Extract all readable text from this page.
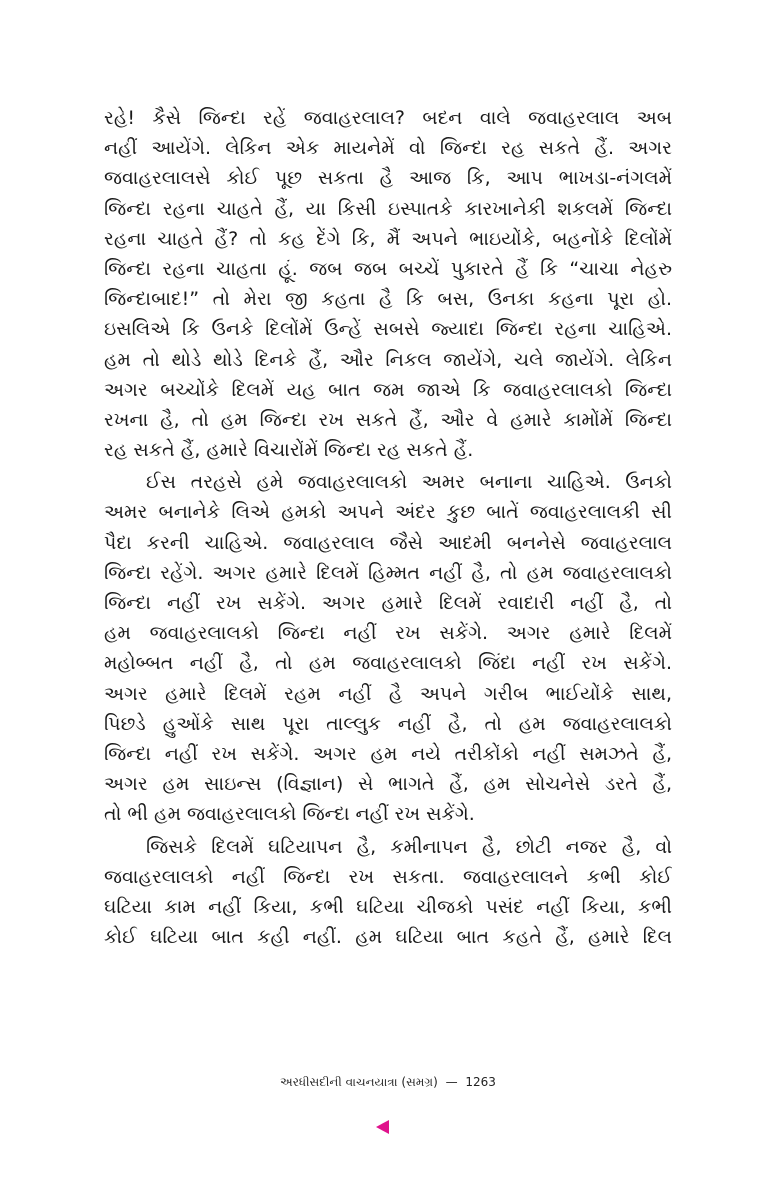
રહે! કૈસે જિન્દા રહેં જવાહરલાલ? બદન વાલે જવાહરલાલ અબ
નહીં આયેંગે. લેકિન એક માયનેમેં વો જિન્દા રહ સકતે હૈં. અગર
જવાહરલાલસે કોઈ પૂછ સકતા હૈ આજ કિ, આપ ભાખડા-નંગલમેં
જિન્દા રહના ચાહતે હૈં, યા કિસી ઇસ્પાતકે કારખાનેકી શકલમેં જિન્દા
રહના ચાહતે હૈં? તો કહ દેંગે કિ, મૈં અપને ભાઇયોંકે, બહનોંકે દિલોંમેં
જિન્દા રહના ચાહતા હૂં. જબ જબ બચ્ચેં પુકારતે હૈં કિ “ચાચા નેહરુ
જિન્દાબાદ!” તો મેરા જી કહતા હૈ કિ બસ, ઉનકા કહના પૂરા હો.
ઇસલિએ કિ ઉનકે દિલોંમેં ઉન્હેં સબસે જ્યાદા જિન્દા રહના ચાહિએ.
હમ તો થોડે થોડે દિનકે હૈં, ઔર નિકલ જાયેંગે, ચલે જાયેંગે. લેકિન
અગર બચ્ચોંકે દિલમેં યહ બાત જમ જાએ કિ જવાહરલાલકો જિન્દા
રખના હૈ, તો હમ જિન્દા રખ સકતે હૈં, ઔર વે હમારે કામોંમેં જિન્દા
રહ સકતે હૈં, હમારે વિચારોંમેં જિન્દા રહ સકતે હૈં.

ઈસ તરહસે હમે જવાહરલાલકો અમર બનાના ચાહિએ. ઉનકો
અમર બનાનેકે લિએ હમકો અપને અંદર કુછ બાતેં જવાહરલાલકી સી
પૈદા કરની ચાહિએ. જવાહરલાલ જૈસે આદમી બનનેસે જવાહરલાલ
જિન્દા રહેંગે. અગર હમારે દિલમેં હિમ્મત નહીં હૈ, તો હમ જવાહરલાલકો
જિન્દા નહીં રખ સકેંગે. અગર હમારે દિલમેં રવાદારી નહીં હૈ, તો
હમ જવાહરલાલકો જિન્દા નહીં રખ સકેંગે. અગર હમારે દિલમેં
મહોબ્બત નહીં હૈ, તો હમ જવાહરલાલકો જિંદા નહીં રખ સકેંગે.
અગર હમારે દિલમેં રહમ નહીં હૈ અપને ગરીબ ભાઈયોંકે સાથ,
પિછડે હુઓંકે સાથ પૂરા તાલ્લુક નહીં હૈ, તો હમ જવાહરલાલકો
જિન્દા નહીં રખ સકેંગે. અગર હમ નયે તરીકોંકો નહીં સમઝતે હૈં,
અગર હમ સાઇન્સ (વિજ્ઞાન) સે ભાગતે હૈં, હમ સોચનેસે ડરતે હૈં,
તો ભી હમ જવાહરલાલકો જિન્દા નહીં રખ સકેંગે.

જિસકે દિલમેં ઘટિયાપન હૈ, કમીનાપન હૈ, છોટી નજર હૈ, વો
જવાહરલાલકો નહીં જિન્દા રખ સકતા. જવાહરલાલને કભી કોઈ
ઘટિયા કામ નહીં કિયા, કભી ઘટિયા ચીજકો પસંદ નહીં કિયા, કભી
કોઈ ઘટિયા બાત કહી નહીં. હમ ઘટિયા બાત કહતે હૈં, હમારે દિલ

અરધીસદીની વાચનયાત્રા (સમગ્ર) — 1263
